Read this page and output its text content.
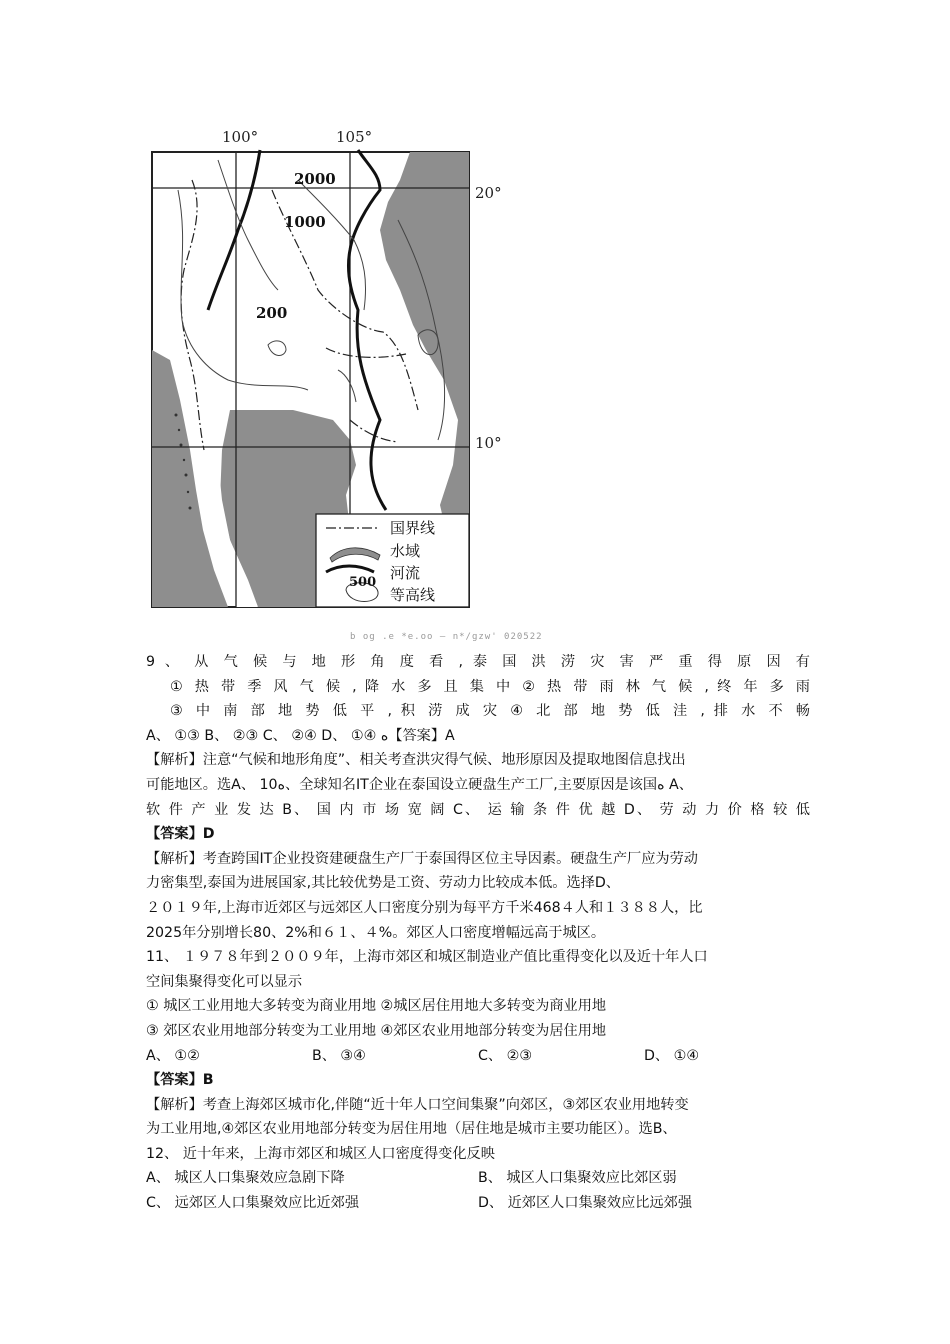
100°	105°
20°
10°
2000
1000
200
国界线
水域
河流
500
等高线
b og .e *e.oo — n*/gzw' 020522
9 、 从 气 候 与 地 形 角 度 看 , 泰 国 洪 涝 灾 害 严 重 得 原 因 有
① 热 带 季 风 气 候 , 降 水 多 且 集 中 ② 热 带 雨 林 气 候 , 终 年 多 雨
③ 中 南 部 地 势 低 平 , 积 涝 成 灾 ④ 北 部 地 势 低 洼 , 排 水 不 畅
A、 ①③ B、 ②③ C、 ②④ D、 ①④ ﻩ【答案】A
【解析】注意“气候和地形角度”、相关考查洪灾得气候、地形原因及提取地图信息找出
可能地区。选A、 10ﻩ、全球知名IT企业在泰国设立硬盘生产工厂,主要原因是该国ﻩ A、
软 件 产 业 发 达 B、 国 内 市 场 宽 阔 C、 运 输 条 件 优 越 D、 劳 动 力 价 格 较 低
【答案】D
【解析】考查跨国IT企业投资建硬盘生产厂于泰国得区位主导因素。硬盘生产厂应为劳动
力密集型,泰国为进展国家,其比较优势是工资、劳动力比较成本低。选择D、
２０１９年,上海市近郊区与远郊区人口密度分别为每平方千米468４人和１３８８人，比
2025年分别增长80、2%和６１、４%。郊区人口密度增幅远高于城区。
11、 １９７８年到２００９年，上海市郊区和城区制造业产值比重得变化以及近十年人口
空间集聚得变化可以显示
① 城区工业用地大多转变为商业用地 ②城区居住用地大多转变为商业用地
③ 郊区农业用地部分转变为工业用地 ④郊区农业用地部分转变为居住用地
A、 ①②	B、 ③④	C、 ②③	D、 ①④
【答案】B
【解析】考查上海郊区城市化,伴随“近十年人口空间集聚”向郊区，③郊区农业用地转变
为工业用地,④郊区农业用地部分转变为居住用地（居住地是城市主要功能区）。选B、
12、 近十年来，上海市郊区和城区人口密度得变化反映
A、 城区人口集聚效应急剧下降	B、 城区人口集聚效应比郊区弱
C、 远郊区人口集聚效应比近郊强	D、 近郊区人口集聚效应比远郊强
